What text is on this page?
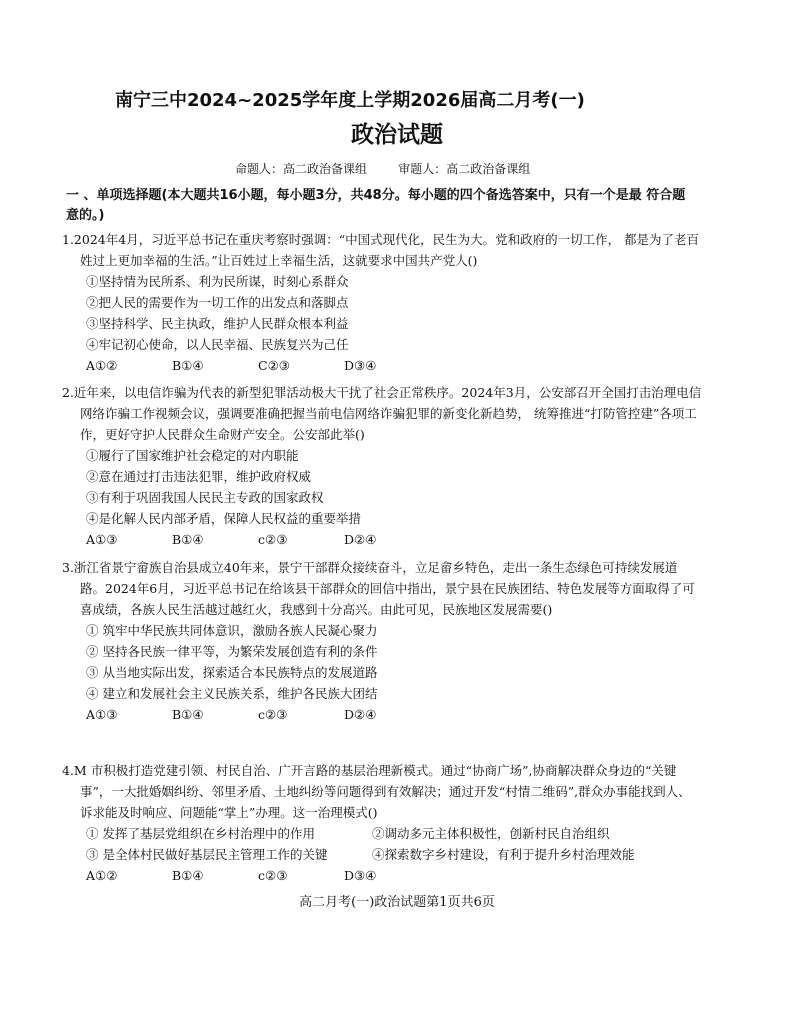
南宁三中2024~2025学年度上学期2026届高二月考(一)
政治试题
命题人：高二政治备课组	审题人：高二政治备课组
一 、单项选择题(本大题共16小题，每小题3分，共48分。每小题的四个备选答案中，只有一个是最 符合题意的。)
1.2024年4月，习近平总书记在重庆考察时强调：“中国式现代化，民生为大。党和政府的一切工作， 都是为了老百姓过上更加幸福的生活。”让百姓过上幸福生活，这就要求中国共产党人()
①坚持情为民所系、利为民所谋，时刻心系群众
②把人民的需要作为一切工作的出发点和落脚点
③坚持科学、民主执政，维护人民群众根本利益
④牢记初心使命，以人民幸福、民族复兴为己任
A①②	B①④	C②③	D③④
2.近年来，以电信诈骗为代表的新型犯罪活动极大干扰了社会正常秩序。2024年3月，公安部召开全国打击治理电信网络诈骗工作视频会议，强调要准确把握当前电信网络诈骗犯罪的新变化新趋势， 统筹推进“打防管控建”各项工作，更好守护人民群众生命财产安全。公安部此举()
①履行了国家维护社会稳定的对内职能
②意在通过打击违法犯罪，维护政府权威
③有利于巩固我国人民民主专政的国家政权
④是化解人民内部矛盾，保障人民权益的重要举措
A①③	B①④	c②③	D②④
3.浙江省景宁畲族自治县成立40年来，景宁干部群众接续奋斗，立足畲乡特色，走出一条生态绿色可持续发展道路。2024年6月，习近平总书记在给该县干部群众的回信中指出，景宁县在民族团结、特色发展等方面取得了可喜成绩，各族人民生活越过越红火，我感到十分高兴。由此可见，民族地区发展需要()
① 筑牢中华民族共同体意识，激励各族人民凝心聚力
② 坚持各民族一律平等，为繁荣发展创造有利的条件
③ 从当地实际出发，探索适合本民族特点的发展道路
④ 建立和发展社会主义民族关系，维护各民族大团结
A①③	B①④	c②③	D②④
4.M 市积极打造党建引领、村民自治、广开言路的基层治理新模式。通过“协商广场”,协商解决群众身边的“关键事”，一大批婚姻纠纷、邻里矛盾、土地纠纷等问题得到有效解决；通过开发“村情二维码”,群众办事能找到人、诉求能及时响应、问题能“掌上”办理。这一治理模式()
① 发挥了基层党组织在乡村治理中的作用	②调动多元主体积极性，创新村民自治组织
③ 是全体村民做好基层民主管理工作的关键	④探索数字乡村建设，有利于提升乡村治理效能
A①②	B①④	c②③	D③④
高二月考(一)政治试题第1页共6页
